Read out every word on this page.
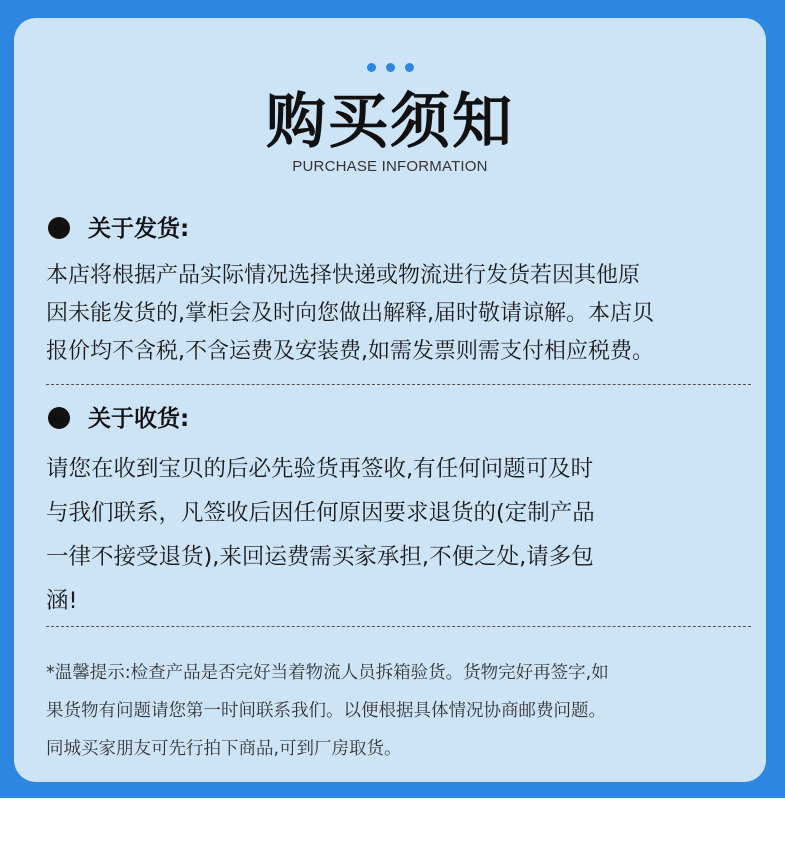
购买须知
PURCHASE INFORMATION
关于发货:
本店将根据产品实际情况选择快递或物流进行发货若因其他原
因未能发货的,掌柜会及时向您做出解释,届时敬请谅解。本店贝
报价均不含税,不含运费及安装费,如需发票则需支付相应税费。
关于收货:
请您在收到宝贝的后必先验货再签收,有任何问题可及时
与我们联系，凡签收后因任何原因要求退货的(定制产品
一律不接受退货),来回运费需买家承担,不便之处,请多包
涵!
*温馨提示:检查产品是否完好当着物流人员拆箱验货。货物完好再签字,如
果货物有问题请您第一时间联系我们。以便根据具体情况协商邮费问题。
同城买家朋友可先行拍下商品,可到厂房取货。
